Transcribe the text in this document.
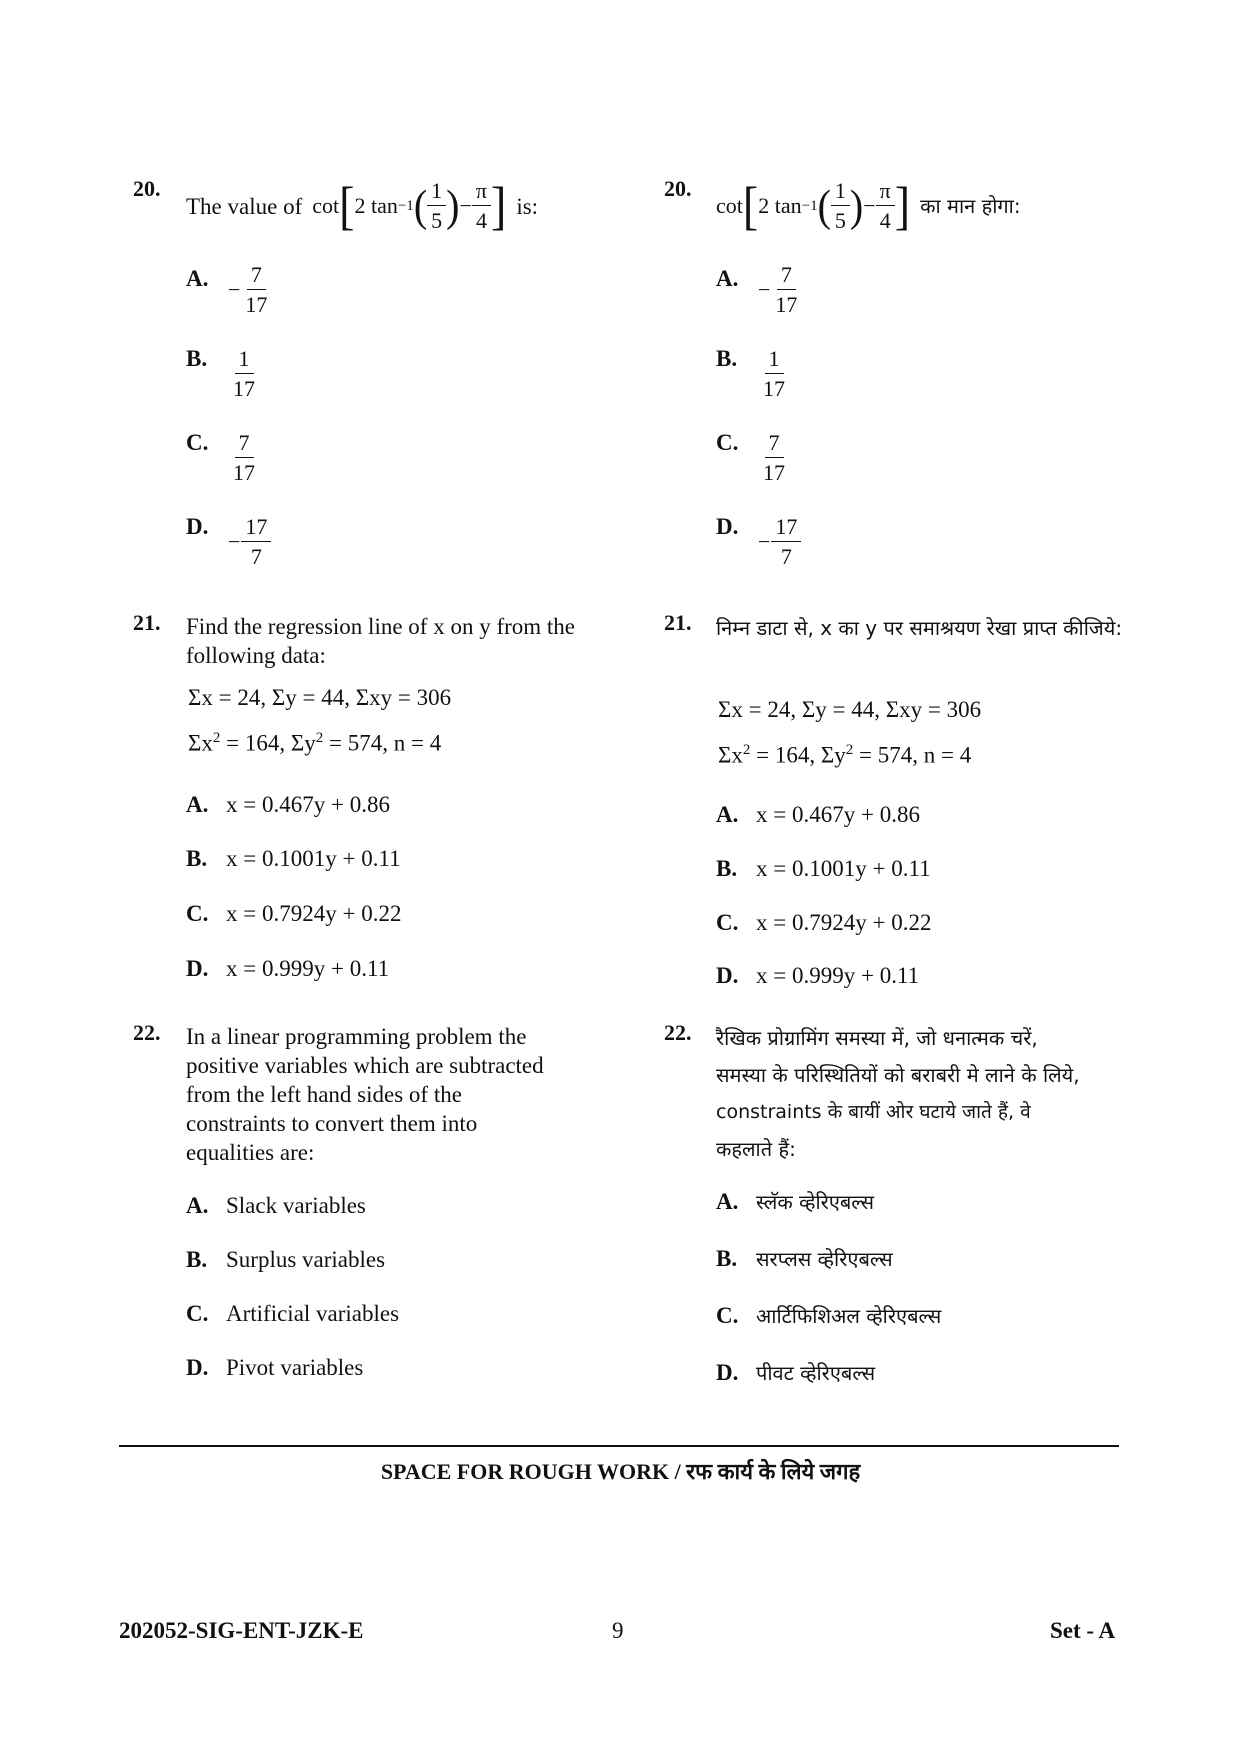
20.
The value of cot [ 2
tan −1 ( $\frac{1}{5}$ ) − $\frac{\pi}{4}$ ] is:
A. − $\frac{7}{17}$
B. $\frac{1}{17}$
C. $\frac{7}{17}$
D.
− $\frac{17}{7}$
20.
cot [ 2
tan −1 ( $\frac{1}{5}$ ) − $\frac{\pi}{4}$ ] का मान होगा:
A. − $\frac{7}{17}$
B. $\frac{1}{17}$
C. $\frac{7}{17}$
D.
− $\frac{17}{7}$
21. Find the regression line of x on y from the following data:
Σx = 24, Σy = 44, Σxy = 306
$\Sigma x^2 = 164$, $\Sigma y^2 = 574$, n = 4
A. x = 0.467y + 0.86
B. x = 0.1001y + 0.11
C. x = 0.7924y + 0.22
D. x = 0.999y + 0.11
21. निम्न डाटा से, x का y पर समाश्रयण रेखा प्राप्त कीजिये:
Σx = 24, Σy = 44, Σxy = 306
$\Sigma x^2 = 164$, $\Sigma y^2 = 574$, n = 4
A. x = 0.467y + 0.86
B. x = 0.1001y + 0.11
C. x = 0.7924y + 0.22
D. x = 0.999y + 0.11
22. In a linear programming problem the
positive variables which are subtracted
from the left hand sides of the
constraints to convert them into
equalities are:
A. Slack variables
B. Surplus variables
C. Artificial variables
D. Pivot variables
22. रैखिक प्रोग्रामिंग समस्या में, जो धनात्मक चरें,
समस्या के परिस्थितियों को बराबरी मे लाने के लिये,
constraints के बायीं ओर घटाये जाते हैं, वे
कहलाते हैं:
A. स्लॅक व्हेरिएबल्स
B. सरप्लस व्हेरिएबल्स
C. आर्टिफिशिअल व्हेरिएबल्स
D. पीवट व्हेरिएबल्स
SPACE FOR ROUGH WORK / रफ कार्य के लिये जगह
202052-SIG-ENT-JZK-E	9	Set - A
